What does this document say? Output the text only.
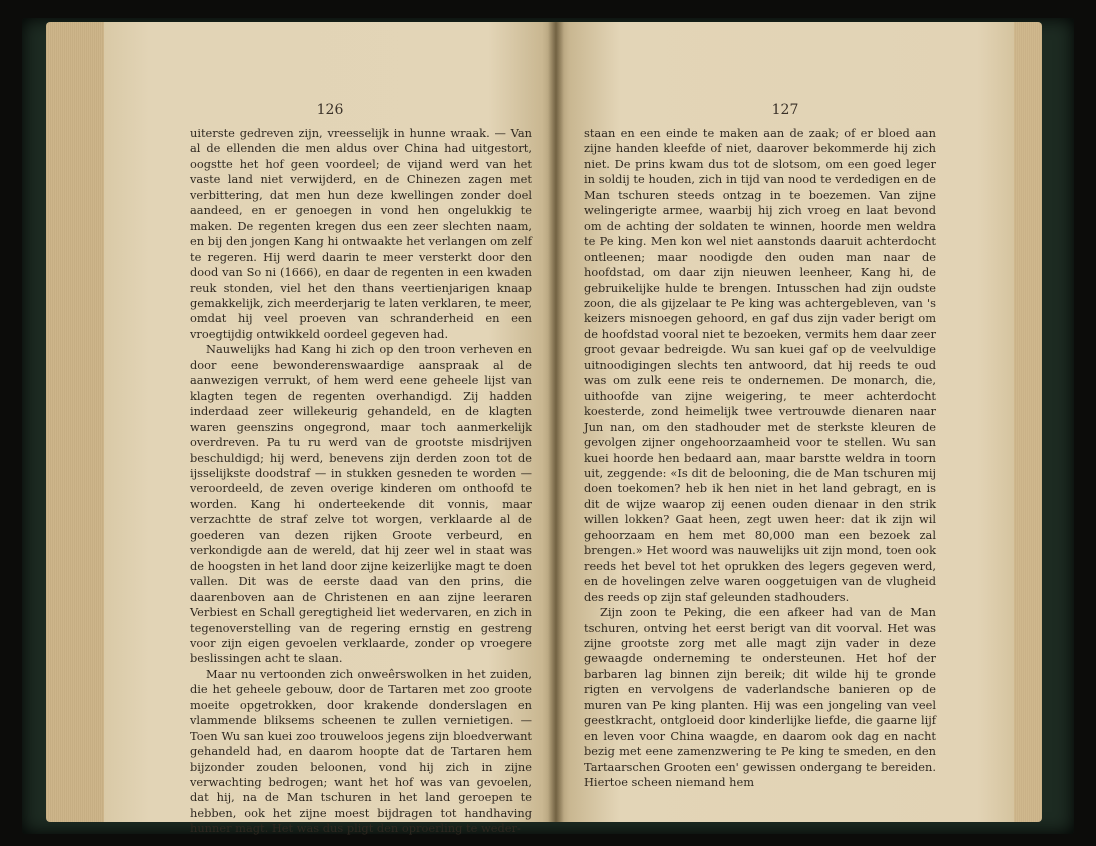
126

uiterste gedreven zijn, vreesselijk in hunne wraak. — Van al de ellenden die men aldus over China had uitgestort, oogstte het hof geen voordeel; de vijand werd van het vaste land niet verwijderd, en de Chinezen zagen met verbittering, dat men hun deze kwellingen zonder doel aandeed, en er genoegen in vond hen ongelukkig te maken. De regenten kregen dus een zeer slechten naam, en bij den jongen Kang hi ontwaakte het verlangen om zelf te regeren. Hij werd daarin te meer versterkt door den dood van So ni (1666), en daar de regenten in een kwaden reuk stonden, viel het den thans veertienjarigen knaap gemakkelijk, zich meerderjarig te laten verklaren, te meer, omdat hij veel proeven van schranderheid en een vroegtijdig ontwikkeld oordeel gegeven had.

Nauwelijks had Kang hi zich op den troon verheven en door eene bewonderenswaardige aanspraak al de aanwezigen verrukt, of hem werd eene geheele lijst van klagten tegen de regenten overhandigd. Zij hadden inderdaad zeer willekeurig gehandeld, en de klagten waren geenszins ongegrond, maar toch aanmerkelijk overdreven. Pa tu ru werd van de grootste misdrijven beschuldigd; hij werd, benevens zijn derden zoon tot de ijsselijkste doodstraf — in stukken gesneden te worden — veroordeeld, de zeven overige kinderen om onthoofd te worden. Kang hi onderteekende dit vonnis, maar verzachtte de straf zelve tot worgen, verklaarde al de goederen van dezen rijken Groote verbeurd, en verkondigde aan de wereld, dat hij zeer wel in staat was de hoogsten in het land door zijne keizerlijke magt te doen vallen. Dit was de eerste daad van den prins, die daarenboven aan de Christenen en aan zijne leeraren Verbiest en Schall geregtigheid liet wedervaren, en zich in tegenoverstelling van de regering ernstig en gestreng voor zijn eigen gevoelen verklaarde, zonder op vroegere beslissingen acht te slaan.

Maar nu vertoonden zich onweêrswolken in het zuiden, die het geheele gebouw, door de Tartaren met zoo groote moeite opgetrokken, door krakende donderslagen en vlammende bliksems scheenen te zullen vernietigen. — Toen Wu san kuei zoo trouweloos jegens zijn bloedverwant gehandeld had, en daarom hoopte dat de Tartaren hem bijzonder zouden beloonen, vond hij zich in zijne verwachting bedrogen; want het hof was van gevoelen, dat hij, na de Man tschuren in het land geroepen te hebben, ook het zijne moest bijdragen tot handhaving hunner magt. Het was dus pligt den oproerling te weder-

127

staan en een einde te maken aan de zaak; of er bloed aan zijne handen kleefde of niet, daarover bekommerde hij zich niet. De prins kwam dus tot de slotsom, om een goed leger in soldij te houden, zich in tijd van nood te verdedigen en de Man tschuren steeds ontzag in te boezemen. Van zijne welingerigte armee, waarbij hij zich vroeg en laat bevond om de achting der soldaten te winnen, hoorde men weldra te Pe king. Men kon wel niet aanstonds daaruit achterdocht ontleenen; maar noodigde den ouden man naar de hoofdstad, om daar zijn nieuwen leenheer, Kang hi, de gebruikelijke hulde te brengen. Intusschen had zijn oudste zoon, die als gijzelaar te Pe king was achtergebleven, van 's keizers misnoegen gehoord, en gaf dus zijn vader berigt om de hoofdstad vooral niet te bezoeken, vermits hem daar zeer groot gevaar bedreigde. Wu san kuei gaf op de veelvuldige uitnoodigingen slechts ten antwoord, dat hij reeds te oud was om zulk eene reis te ondernemen. De monarch, die, uithoofde van zijne weigering, te meer achterdocht koesterde, zond heimelijk twee vertrouwde dienaren naar Jun nan, om den stadhouder met de sterkste kleuren de gevolgen zijner ongehoorzaamheid voor te stellen. Wu san kuei hoorde hen bedaard aan, maar barstte weldra in toorn uit, zeggende: «Is dit de belooning, die de Man tschuren mij doen toekomen? heb ik hen niet in het land gebragt, en is dit de wijze waarop zij eenen ouden dienaar in den strik willen lokken? Gaat heen, zegt uwen heer: dat ik zijn wil gehoorzaam en hem met 80,000 man een bezoek zal brengen.» Het woord was nauwelijks uit zijn mond, toen ook reeds het bevel tot het oprukken des legers gegeven werd, en de hovelingen zelve waren ooggetuigen van de vlugheid des reeds op zijn staf geleunden stadhouders.

Zijn zoon te Peking, die een afkeer had van de Man tschuren, ontving het eerst berigt van dit voorval. Het was zijne grootste zorg met alle magt zijn vader in deze gewaagde onderneming te ondersteunen. Het hof der barbaren lag binnen zijn bereik; dit wilde hij te gronde rigten en vervolgens de vaderlandsche banieren op de muren van Pe king planten. Hij was een jongeling van veel geestkracht, ontgloeid door kinderlijke liefde, die gaarne lijf en leven voor China waagde, en daarom ook dag en nacht bezig met eene zamenzwering te Pe king te smeden, en den Tartaarschen Grooten een' gewissen ondergang te bereiden. Hiertoe scheen niemand hem
